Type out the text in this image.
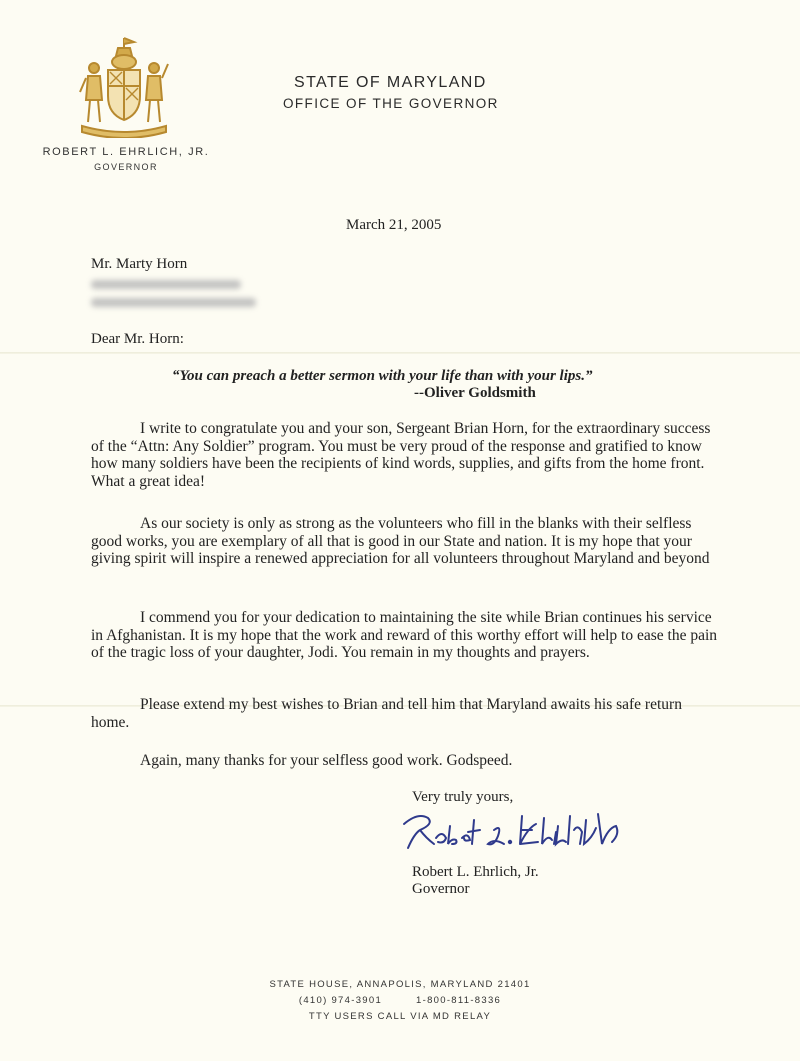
ROBERT L. EHRLICH, JR.
GOVERNOR
STATE OF MARYLAND
OFFICE OF THE GOVERNOR
March 21, 2005
Mr. Marty Horn
Dear Mr. Horn:
“You can preach a better sermon with your life than with your lips.”
--Oliver Goldsmith

I write to congratulate you and your son, Sergeant Brian Horn, for the extraordinary success of the “Attn: Any Soldier” program. You must be very proud of the response and gratified to know how many soldiers have been the recipients of kind words, supplies, and gifts from the home front. What a great idea!

As our society is only as strong as the volunteers who fill in the blanks with their selfless good works, you are exemplary of all that is good in our State and nation. It is my hope that your giving spirit will inspire a renewed appreciation for all volunteers throughout Maryland and beyond

I commend you for your dedication to maintaining the site while Brian continues his service in Afghanistan. It is my hope that the work and reward of this worthy effort will help to ease the pain of the tragic loss of your daughter, Jodi. You remain in my thoughts and prayers.

Please extend my best wishes to Brian and tell him that Maryland awaits his safe return home.

Again, many thanks for your selfless good work. Godspeed.

Very truly yours,
Robert L. Ehrlich, Jr.
Governor
STATE HOUSE, ANNAPOLIS, MARYLAND 21401
(410) 974-3901	1-800-811-8336
TTY USERS CALL VIA MD RELAY
